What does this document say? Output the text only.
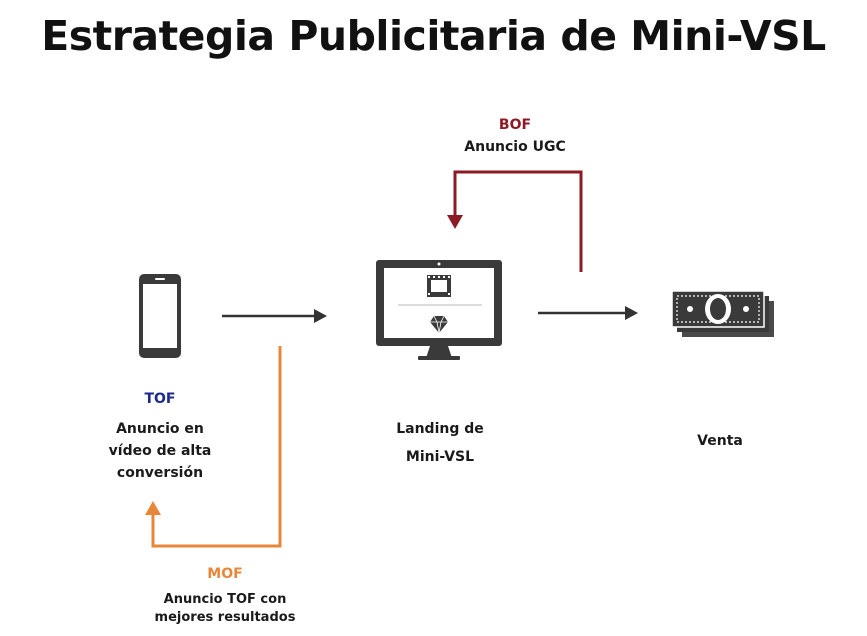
Estrategia Publicitaria de Mini-VSL
BOF
Anuncio UGC
TOF
Anuncio en
vídeo de alta
conversión
Landing de
Mini-VSL
Venta
MOF
Anuncio TOF con
mejores resultados
